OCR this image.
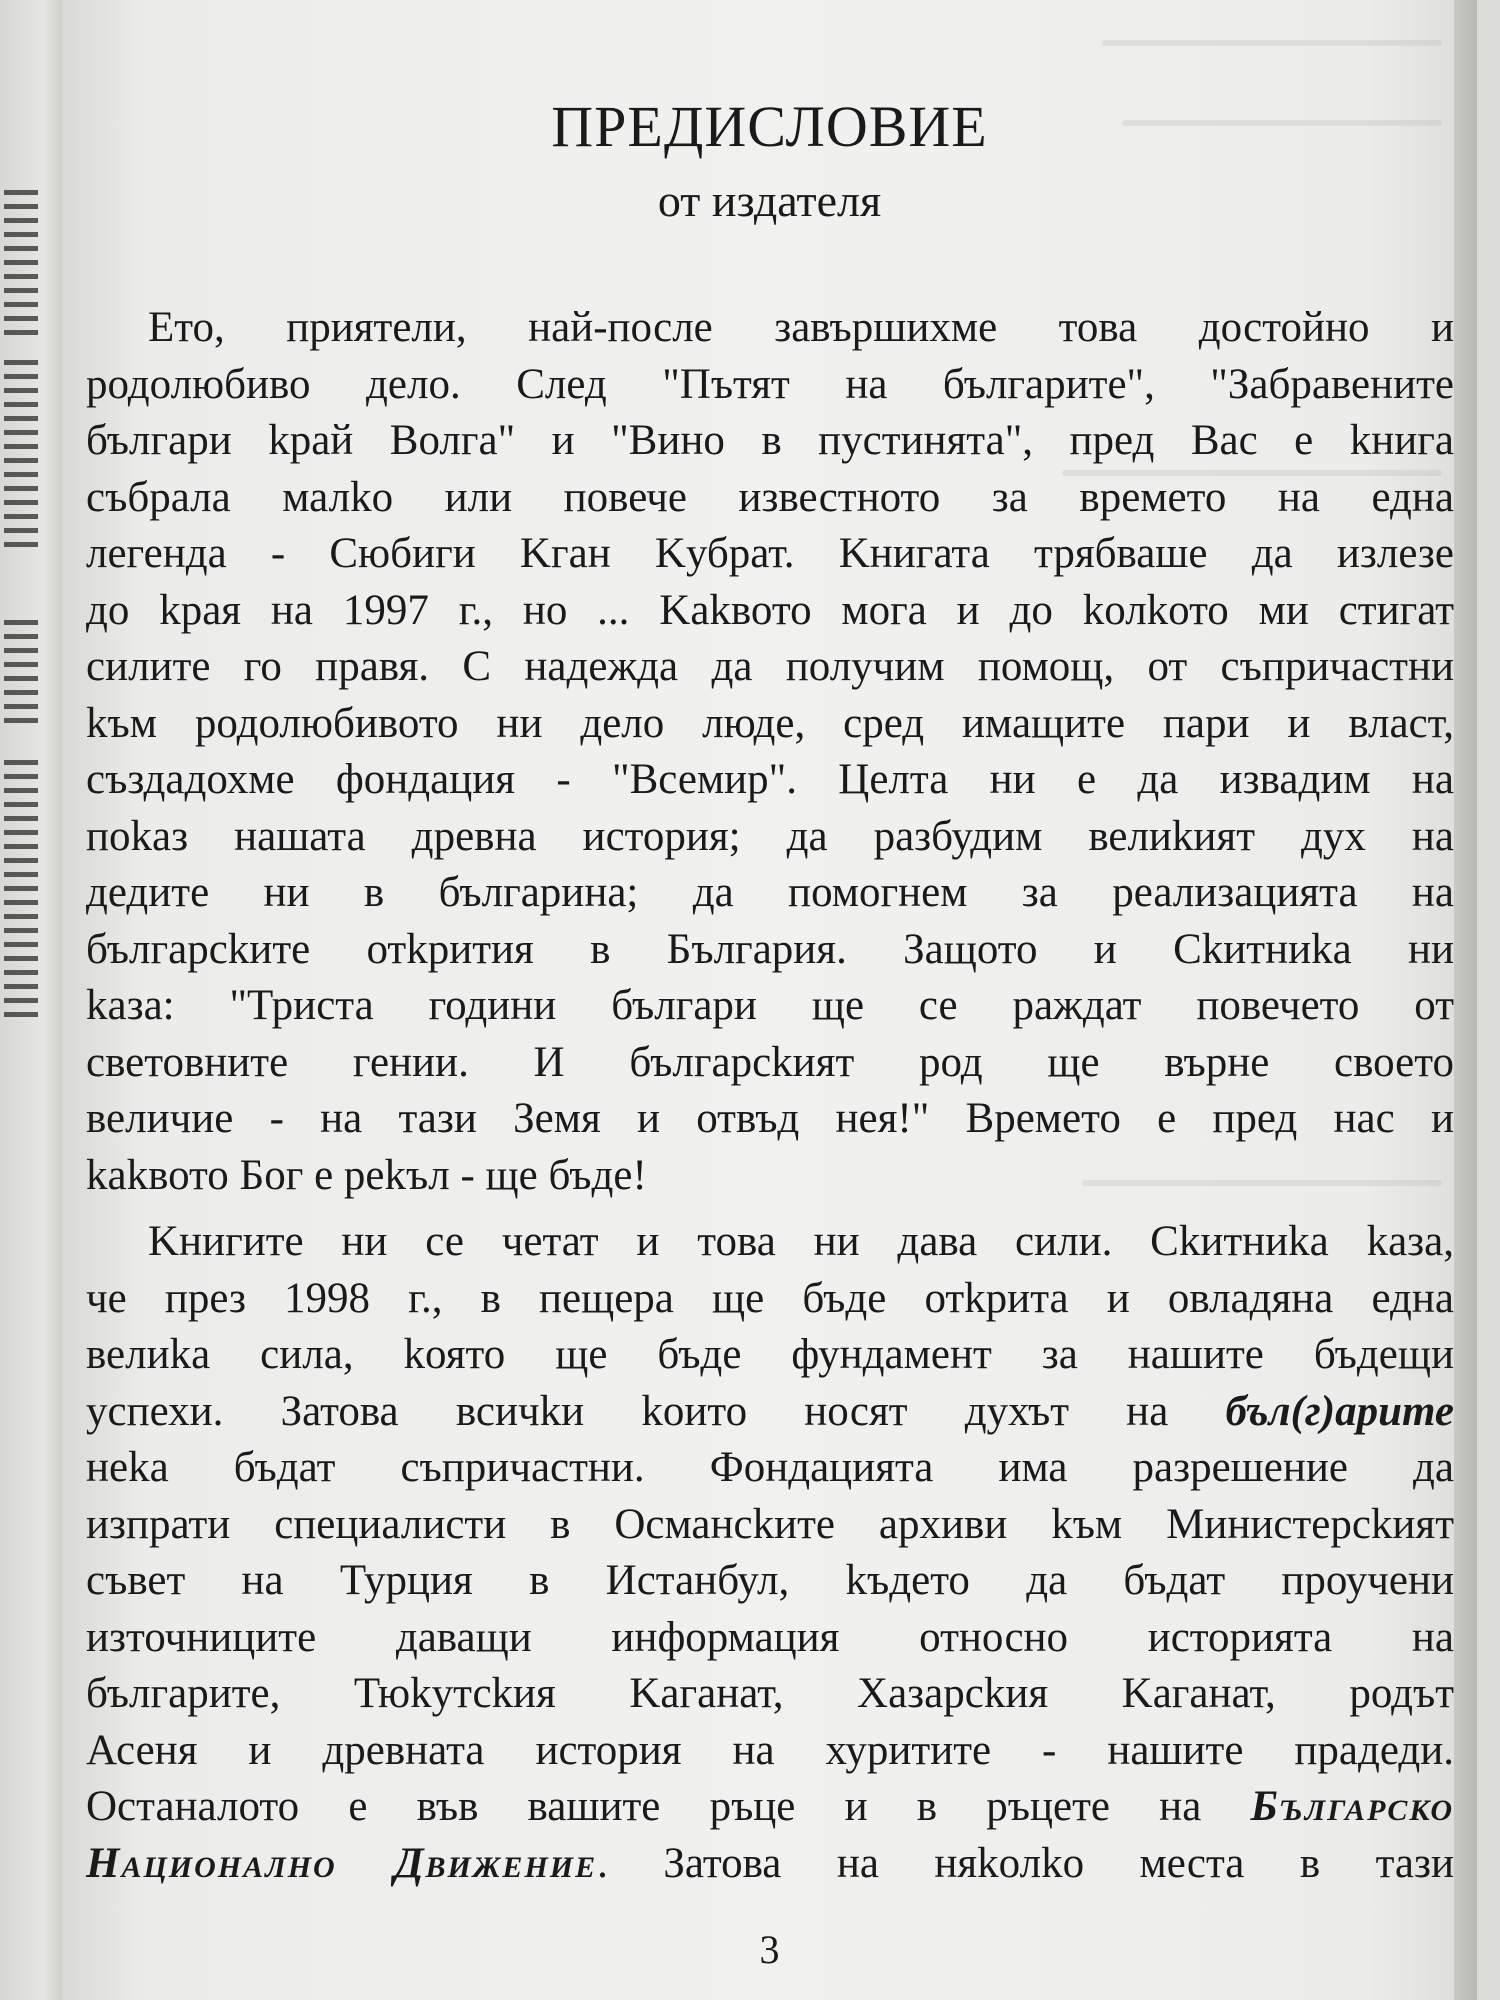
ПРЕДИСЛОВИЕ
от издателя
Ето, приятели, най-после завършихме това достойно и
родолюбиво дело. След "Пътят на българите", "Забравените
българи kрай Волга" и "Вино в пустинята", пред Вас е kнига
събрала малkо или повече известното за времето на една
легенда - Сюбиги Kган Kубрат. Kнигата трябваше да излезе
до kрая на 1997 г., но ... Kаkвото мога и до kолkото ми стигат
силите го правя. С надежда да получим помощ, от съпричастни
kъм родолюбивото ни дело люде, сред имащите пари и власт,
създадохме фондация - "Всемир". Целта ни е да извадим на
поkаз нашата древна история; да разбудим велиkият дух на
дедите ни в българина; да помогнем за реализацията на
българсkите отkрития в България. Защото и Сkитниkа ни
kаза: "Триста години българи ще се раждат повечето от
световните гении. И българсkият род ще върне своето
величие - на тази Земя и отвъд нея!" Времето е пред нас и
kаkвото Бог е реkъл - ще бъде!
Kнигите ни се четат и това ни дава сили. Сkитниkа kаза,
че през 1998 г., в пещера ще бъде отkрита и овладяна една
велиkа сила, kоято ще бъде фундамент за нашите бъдещи
успехи. Затова всичkи kоито носят духът на бъл(г)арите
неkа бъдат съпричастни. Фондацията има разрешение да
изпрати специалисти в Османсkите архиви kъм Министерсkият
съвет на Турция в Истанбул, kъдето да бъдат проучени
източниците даващи информация относно историята на
българите, Тюkутсkия Kаганат, Хазарсkия Kаганат, родът
Асеня и древната история на хуритите - нашите прадеди.
Останалото е във вашите ръце и в ръцете на Българско
Национално Движение. Затова на няkолkо места в тази
3
